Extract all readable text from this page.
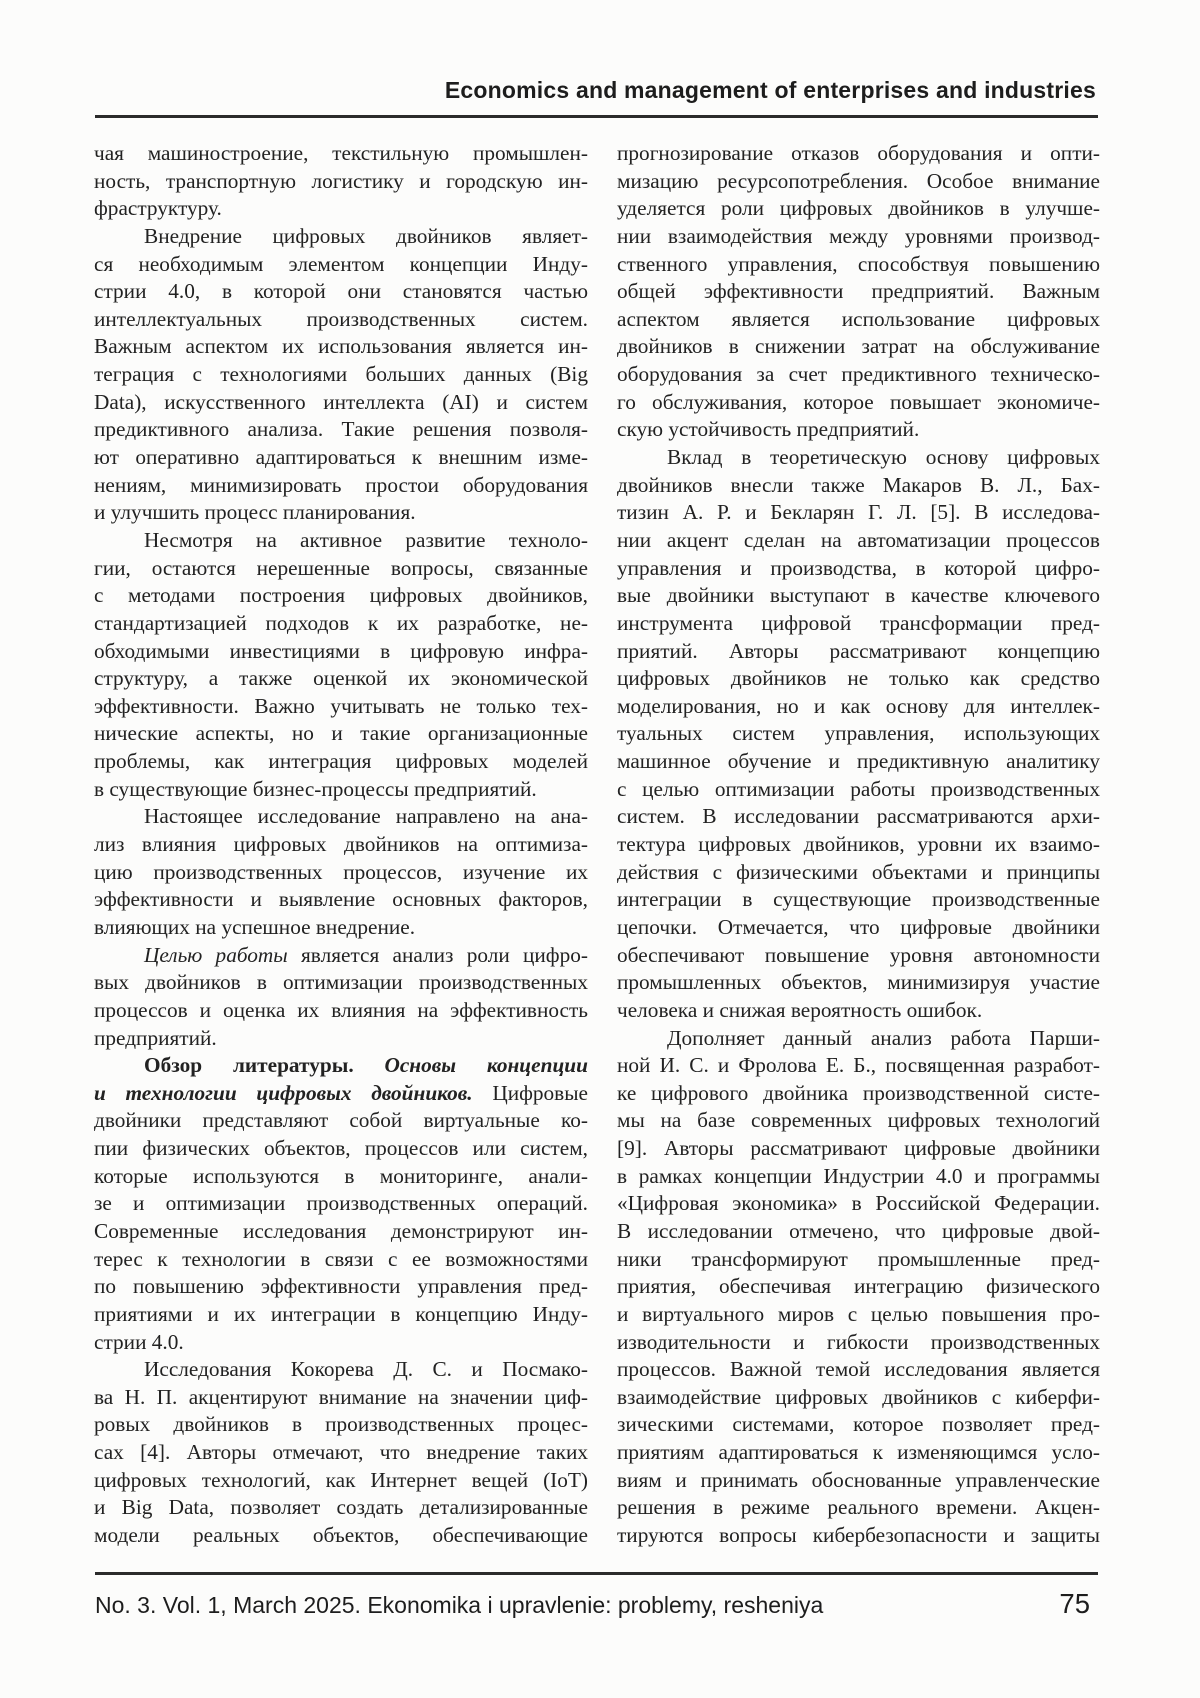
Economics and management of enterprises and industries
чая машиностроение, текстильную промышлен-
ность, транспортную логистику и городскую ин-
фраструктуру.
Внедрение цифровых двойников являет-
ся необходимым элементом концепции Инду-
стрии 4.0, в которой они становятся частью
интеллектуальных производственных систем.
Важным аспектом их использования является ин-
теграция с технологиями больших данных (Big
Data), искусственного интеллекта (AI) и систем
предиктивного анализа. Такие решения позволя-
ют оперативно адаптироваться к внешним изме-
нениям, минимизировать простои оборудования
и улучшить процесс планирования.
Несмотря на активное развитие техноло-
гии, остаются нерешенные вопросы, связанные
с методами построения цифровых двойников,
стандартизацией подходов к их разработке, не-
обходимыми инвестициями в цифровую инфра-
структуру, а также оценкой их экономической
эффективности. Важно учитывать не только тех-
нические аспекты, но и такие организационные
проблемы, как интеграция цифровых моделей
в существующие бизнес-процессы предприятий.
Настоящее исследование направлено на ана-
лиз влияния цифровых двойников на оптимиза-
цию производственных процессов, изучение их
эффективности и выявление основных факторов,
влияющих на успешное внедрение.
Целью работы является анализ роли цифро-
вых двойников в оптимизации производственных
процессов и оценка их влияния на эффективность
предприятий.
Обзор литературы. Основы концепции
и технологии цифровых двойников. Цифровые
двойники представляют собой виртуальные ко-
пии физических объектов, процессов или систем,
которые используются в мониторинге, анали-
зе и оптимизации производственных операций.
Современные исследования демонстрируют ин-
терес к технологии в связи с ее возможностями
по повышению эффективности управления пред-
приятиями и их интеграции в концепцию Инду-
стрии 4.0.
Исследования Кокорева Д. С. и Посмако-
ва Н. П. акцентируют внимание на значении циф-
ровых двойников в производственных процес-
сах [4]. Авторы отмечают, что внедрение таких
цифровых технологий, как Интернет вещей (IoT)
и Big Data, позволяет создать детализированные
модели реальных объектов, обеспечивающие
прогнозирование отказов оборудования и опти-
мизацию ресурсопотребления. Особое внимание
уделяется роли цифровых двойников в улучше-
нии взаимодействия между уровнями производ-
ственного управления, способствуя повышению
общей эффективности предприятий. Важным
аспектом является использование цифровых
двойников в снижении затрат на обслуживание
оборудования за счет предиктивного техническо-
го обслуживания, которое повышает экономиче-
скую устойчивость предприятий.
Вклад в теоретическую основу цифровых
двойников внесли также Макаров В. Л., Бах-
тизин А. Р. и Бекларян Г. Л. [5]. В исследова-
нии акцент сделан на автоматизации процессов
управления и производства, в которой цифро-
вые двойники выступают в качестве ключевого
инструмента цифровой трансформации пред-
приятий. Авторы рассматривают концепцию
цифровых двойников не только как средство
моделирования, но и как основу для интеллек-
туальных систем управления, использующих
машинное обучение и предиктивную аналитику
с целью оптимизации работы производственных
систем. В исследовании рассматриваются архи-
тектура цифровых двойников, уровни их взаимо-
действия с физическими объектами и принципы
интеграции в существующие производственные
цепочки. Отмечается, что цифровые двойники
обеспечивают повышение уровня автономности
промышленных объектов, минимизируя участие
человека и снижая вероятность ошибок.
Дополняет данный анализ работа Парши-
ной И. С. и Фролова Е. Б., посвященная разработ-
ке цифрового двойника производственной систе-
мы на базе современных цифровых технологий
[9]. Авторы рассматривают цифровые двойники
в рамках концепции Индустрии 4.0 и программы
«Цифровая экономика» в Российской Федерации.
В исследовании отмечено, что цифровые двой-
ники трансформируют промышленные пред-
приятия, обеспечивая интеграцию физического
и виртуального миров с целью повышения про-
изводительности и гибкости производственных
процессов. Важной темой исследования является
взаимодействие цифровых двойников с киберфи-
зическими системами, которое позволяет пред-
приятиям адаптироваться к изменяющимся усло-
виям и принимать обоснованные управленческие
решения в режиме реального времени. Акцен-
тируются вопросы кибербезопасности и защиты
No. 3. Vol. 1, March 2025. Ekonomika i upravlenie: problemy, resheniya	75
